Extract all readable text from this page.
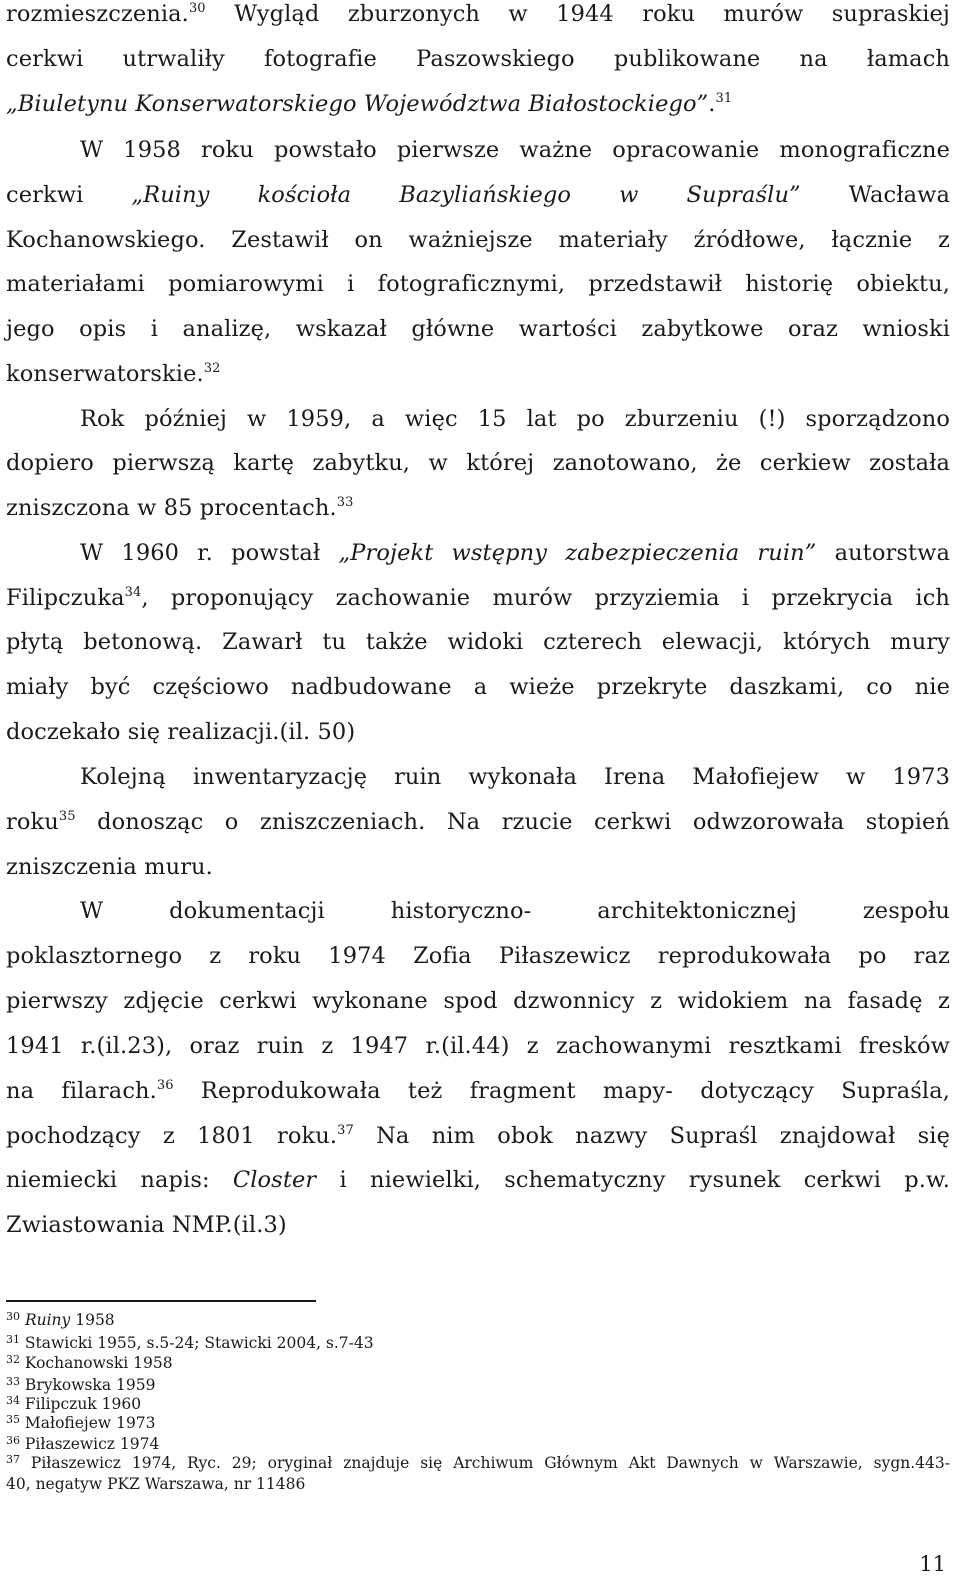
rozmieszczenia.$^{30}$ Wygląd zburzonych w 1944 roku murów supraskiej
cerkwi utrwaliły fotografie Paszowskiego publikowane na łamach
„Biuletynu Konserwatorskiego Województwa Białostockiego”.$^{31}$
W 1958 roku powstało pierwsze ważne opracowanie monograficzne
cerkwi „Ruiny kościoła Bazyliańskiego w Supraślu” Wacława
Kochanowskiego. Zestawił on ważniejsze materiały źródłowe, łącznie z
materiałami pomiarowymi i fotograficznymi, przedstawił historię obiektu,
jego opis i analizę, wskazał główne wartości zabytkowe oraz wnioski
konserwatorskie.$^{32}$
Rok później w 1959, a więc 15 lat po zburzeniu (!) sporządzono
dopiero pierwszą kartę zabytku, w której zanotowano, że cerkiew została
zniszczona w 85 procentach.$^{33}$
W 1960 r. powstał „Projekt wstępny zabezpieczenia ruin” autorstwa
Filipczuka$^{34}$, proponujący zachowanie murów przyziemia i przekrycia ich
płytą betonową. Zawarł tu także widoki czterech elewacji, których mury
miały być częściowo nadbudowane a wieże przekryte daszkami, co nie
doczekało się realizacji.(il. 50)
Kolejną inwentaryzację ruin wykonała Irena Małofiejew w 1973
roku$^{35}$ donosząc o zniszczeniach. Na rzucie cerkwi odwzorowała stopień
zniszczenia muru.
W dokumentacji historyczno- architektonicznej zespołu
poklasztornego z roku 1974 Zofia Piłaszewicz reprodukowała po raz
pierwszy zdjęcie cerkwi wykonane spod dzwonnicy z widokiem na fasadę z
1941 r.(il.23), oraz ruin z 1947 r.(il.44) z zachowanymi resztkami fresków
na filarach.$^{36}$ Reprodukowała też fragment mapy- dotyczący Supraśla,
pochodzący z 1801 roku.$^{37}$ Na nim obok nazwy Supraśl znajdował się
niemiecki napis: Closter i niewielki, schematyczny rysunek cerkwi p.w.
Zwiastowania NMP.(il.3)
$^{30}$ Ruiny 1958
$^{31}$ Stawicki 1955, s.5-24; Stawicki 2004, s.7-43
$^{32}$ Kochanowski 1958
$^{33}$ Brykowska 1959
$^{34}$ Filipczuk 1960
$^{35}$ Małofiejew 1973
$^{36}$ Piłaszewicz 1974
$^{37}$ Piłaszewicz 1974, Ryc. 29; oryginał znajduje się Archiwum Głównym Akt Dawnych w Warszawie, sygn.443-
40, negatyw PKZ Warszawa, nr 11486
11
